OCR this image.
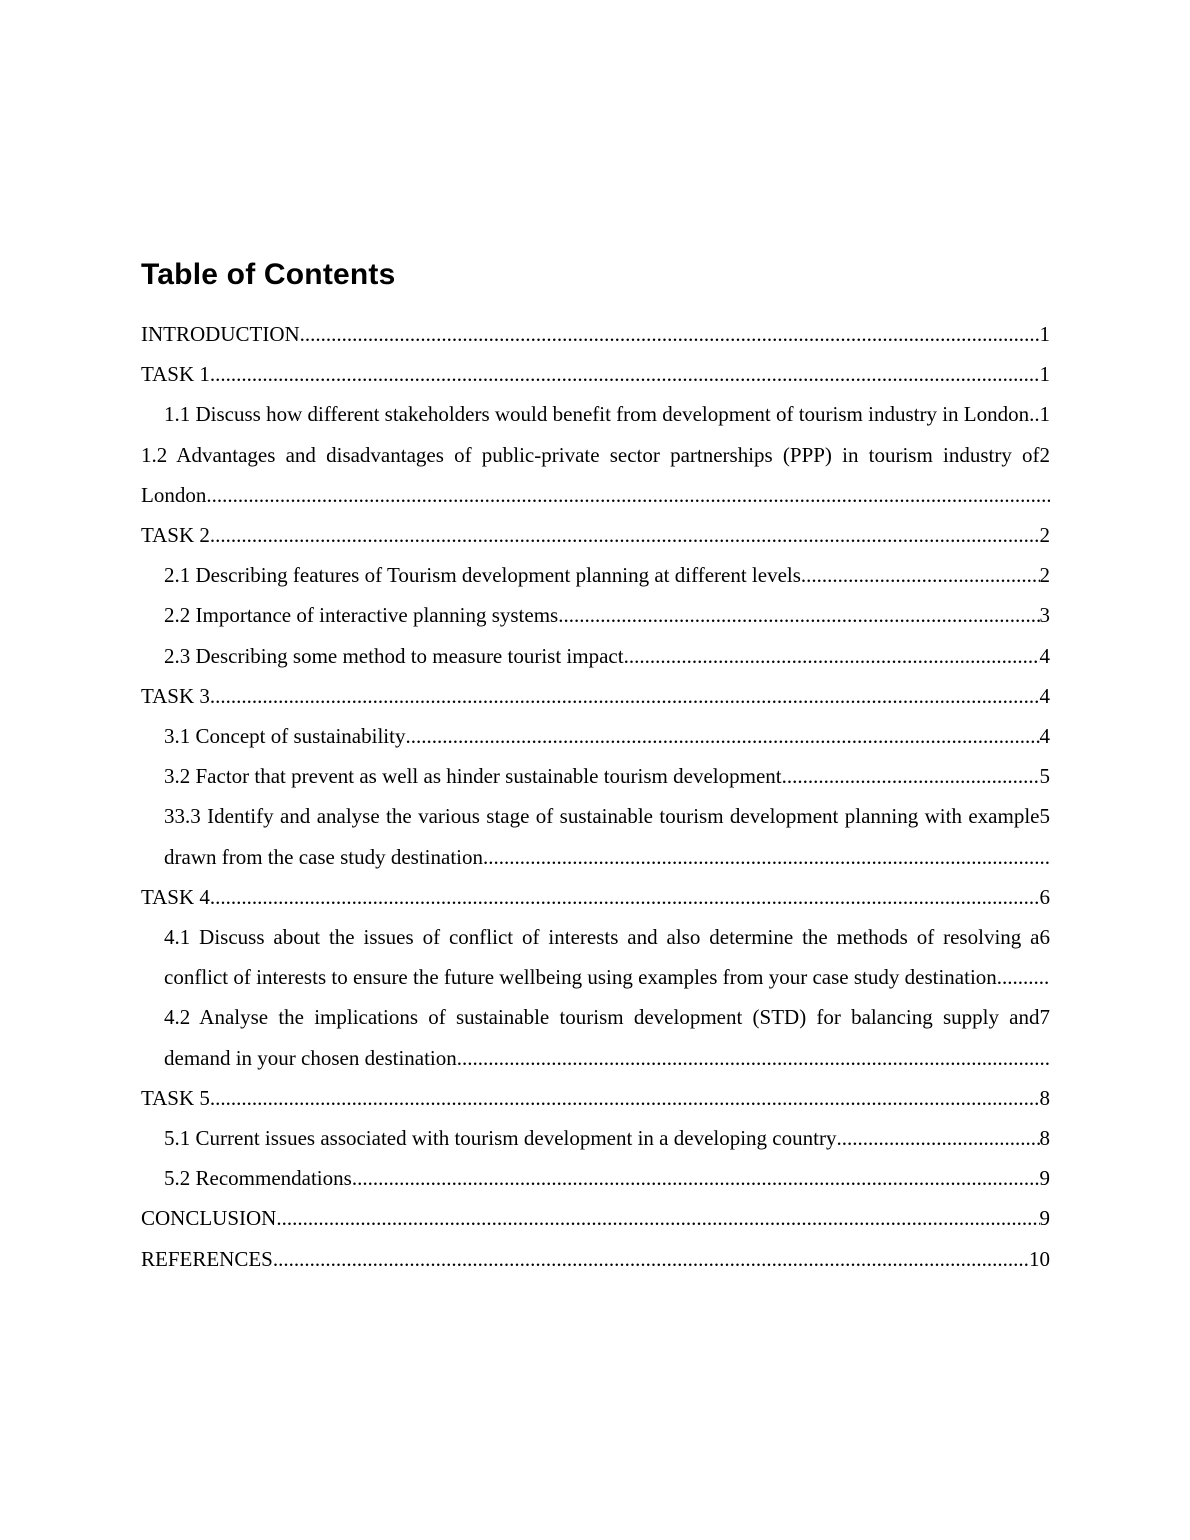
Table of Contents
1
INTRODUCTION
1
TASK 1
1
1.1 Discuss how different stakeholders would benefit from development of tourism industry in London
2
1.2 Advantages and disadvantages of public-private sector partnerships (PPP) in tourism industry of London
2
TASK 2
2
2.1 Describing features of Tourism development planning at different levels
3
2.2 Importance of interactive planning systems
4
2.3 Describing some method to measure tourist impact
4
TASK 3
4
3.1 Concept of sustainability
5
3.2 Factor that prevent as well as hinder sustainable tourism development
5
33.3 Identify and analyse the various stage of sustainable tourism development planning with example drawn from the case study destination
6
TASK 4
6
4.1 Discuss about the issues of conflict of interests and also determine the methods of resolving a conflict of interests to ensure the future wellbeing using examples from your case study destination.
7
4.2 Analyse the implications of sustainable tourism development (STD) for balancing supply and demand in your chosen destination
8
TASK 5
8
5.1 Current issues associated with tourism development in a developing country
9
5.2 Recommendations
9
CONCLUSION
10
REFERENCES
